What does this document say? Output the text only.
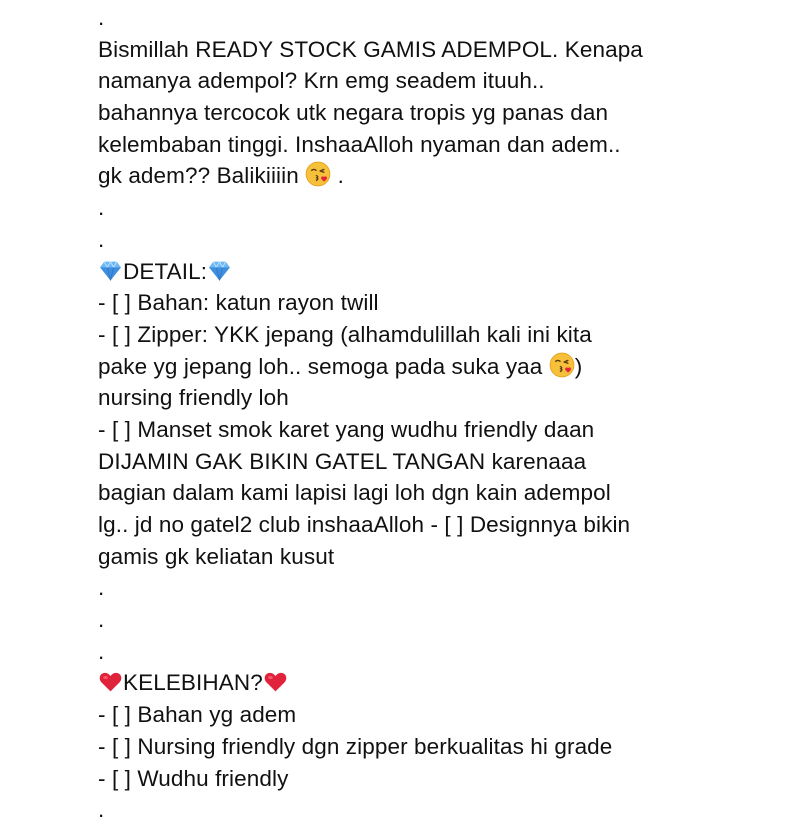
.
Bismillah READY STOCK GAMIS ADEMPOL. Kenapa
namanya adempol? Krn emg seadem ituuh..
bahannya tercocok utk negara tropis yg panas dan
kelembaban tinggi. InshaaAlloh nyaman dan adem..
gk adem?? Balikiiiin
.
.
.
DETAIL:
- [ ] Bahan: katun rayon twill
- [ ] Zipper: YKK jepang (alhamdulillah kali ini kita
pake yg jepang loh.. semoga pada suka yaa
)
nursing friendly loh
- [ ] Manset smok karet yang wudhu friendly daan
DIJAMIN GAK BIKIN GATEL TANGAN karenaaa
bagian dalam kami lapisi lagi loh dgn kain adempol
lg.. jd no gatel2 club inshaaAlloh - [ ] Designnya bikin
gamis gk keliatan kusut
.
.
.
KELEBIHAN?
- [ ] Bahan yg adem
- [ ] Nursing friendly dgn zipper berkualitas hi grade
- [ ] Wudhu friendly
.
